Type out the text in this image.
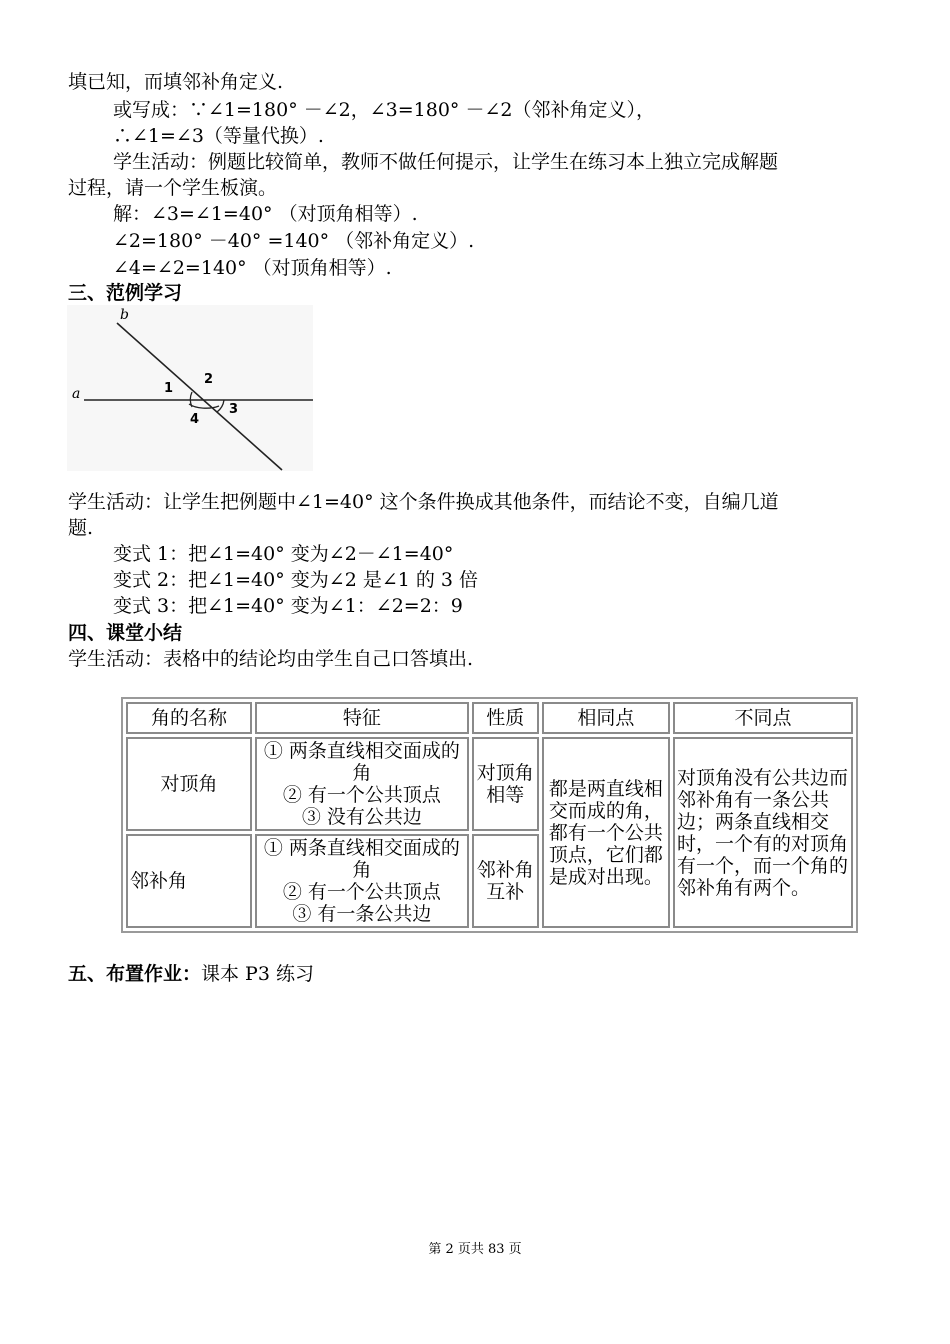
填已知，而填邻补角定义.
或写成：∵∠1=180° －∠2，∠3=180° －∠2（邻补角定义），
∴∠1=∠3（等量代换）.
学生活动：例题比较简单，教师不做任何提示，让学生在练习本上独立完成解题
过程，请一个学生板演。
解：∠3=∠1=40° （对顶角相等）.
∠2=180° －40° =140° （邻补角定义）.
∠4=∠2=140° （对顶角相等）.
三、范例学习
b
a	1
2
3
4
学生活动：让学生把例题中∠1=40° 这个条件换成其他条件，而结论不变，自编几道
题.
变式 1：把∠1=40° 变为∠2－∠1=40°
变式 2：把∠1=40° 变为∠2 是∠1 的 3 倍
变式 3：把∠1=40° 变为∠1：∠2=2：9
四、课堂小结
学生活动：表格中的结论均由学生自己口答填出.
角的名称	特征	性质	相同点	不同点
对顶角	① 两条直线相交面成的角
② 有一个公共顶点
③ 没有公共边	对顶角相等	都是两直线相交而成的角，都有一个公共顶点，它们都是成对出现。	对顶角没有公共边而邻补角有一条公共边；两条直线相交时，一个有的对顶角有一个，而一个角的邻补角有两个。
邻补角	① 两条直线相交面成的角
② 有一个公共顶点
③ 有一条公共边	邻补角互补		
五、布置作业：课本 P3 练习
第 2 页共 83 页
